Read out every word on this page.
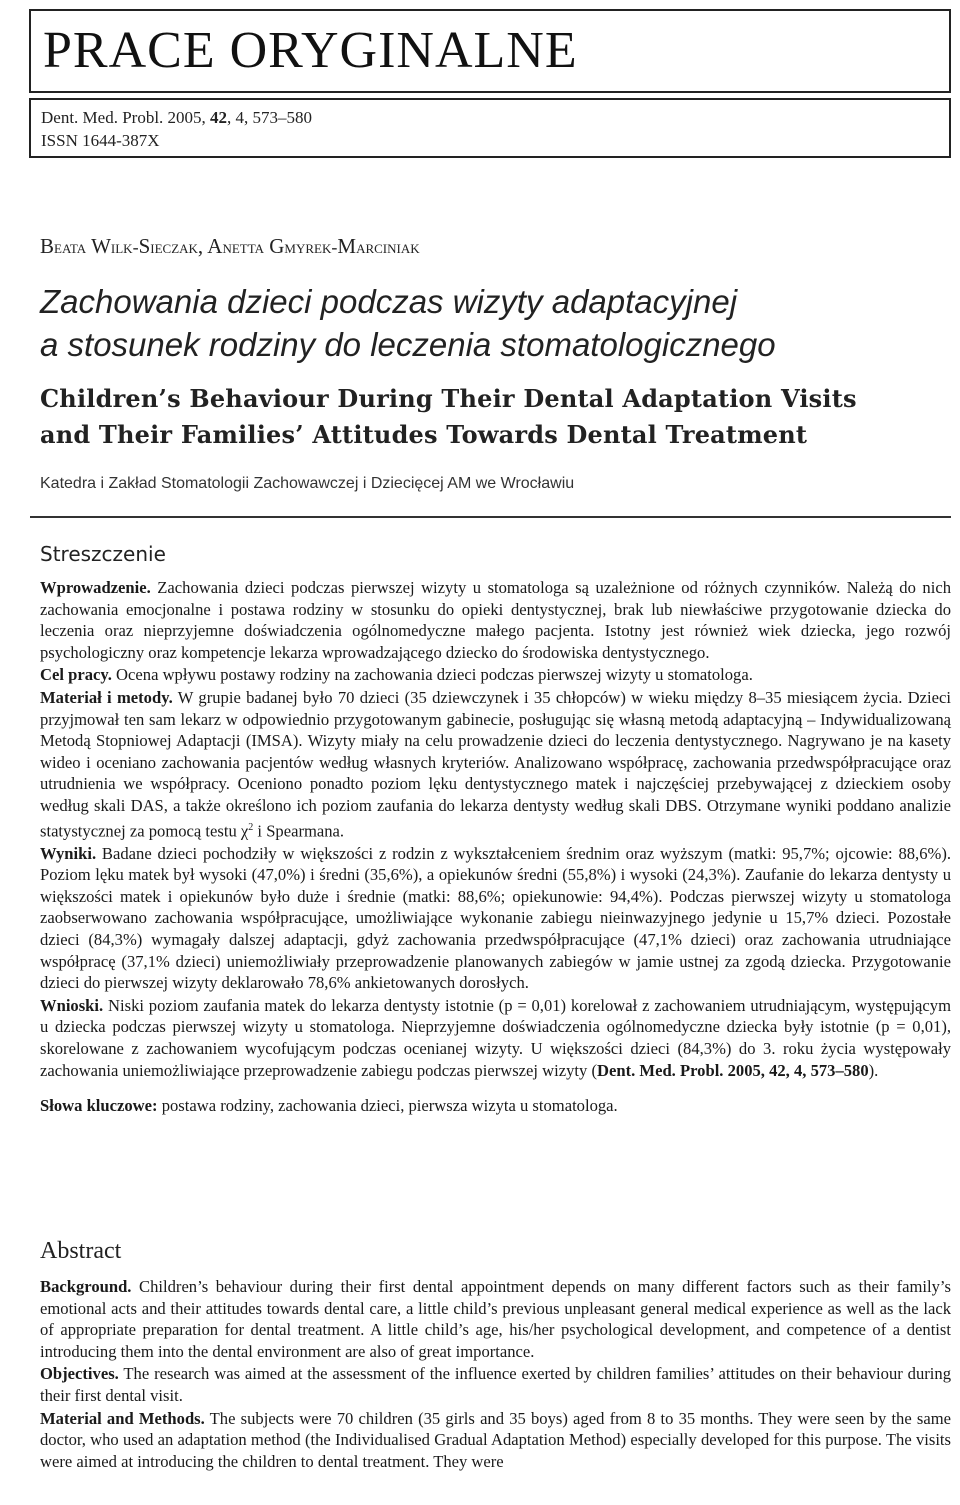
PRACE ORYGINALNE
Dent. Med. Probl. 2005, 42, 4, 573–580
ISSN 1644-387X
Beata Wilk-Sieczak, Anetta Gmyrek-Marciniak
Zachowania dzieci podczas wizyty adaptacyjnej
a stosunek rodziny do leczenia stomatologicznego
Children’s Behaviour During Their Dental Adaptation Visits
and Their Families’ Attitudes Towards Dental Treatment
Katedra i Zakład Stomatologii Zachowawczej i Dziecięcej AM we Wrocławiu
Streszczenie

Wprowadzenie. Zachowania dzieci podczas pierwszej wizyty u stomatologa są uzależnione od różnych czynników. Należą do nich zachowania emocjonalne i postawa rodziny w stosunku do opieki dentystycznej, brak lub niewłaściwe przygotowanie dziecka do leczenia oraz nieprzyjemne doświadczenia ogólnomedyczne małego pacjenta. Istotny jest również wiek dziecka, jego rozwój psychologiczny oraz kompetencje lekarza wprowadzającego dziecko do środowiska dentystycznego.

Cel pracy. Ocena wpływu postawy rodziny na zachowania dzieci podczas pierwszej wizyty u stomatologa.

Materiał i metody. W grupie badanej było 70 dzieci (35 dziewczynek i 35 chłopców) w wieku między 8–35 miesiącem życia. Dzieci przyjmował ten sam lekarz w odpowiednio przygotowanym gabinecie, posługując się własną metodą adaptacyjną – Indywidualizowaną Metodą Stopniowej Adaptacji (IMSA). Wizyty miały na celu prowadzenie dzieci do leczenia dentystycznego. Nagrywano je na kasety wideo i oceniano zachowania pacjentów według własnych kryteriów. Analizowano współpracę, zachowania przedwspółpracujące oraz utrudnienia we współpracy. Oceniono ponadto poziom lęku dentystycznego matek i najczęściej przebywającej z dzieckiem osoby według skali DAS, a także określono ich poziom zaufania do lekarza dentysty według skali DBS. Otrzymane wyniki poddano analizie statystycznej za pomocą testu $\chi^2$ i Spearmana.

Wyniki. Badane dzieci pochodziły w większości z rodzin z wykształceniem średnim oraz wyższym (matki: 95,7%; ojcowie: 88,6%). Poziom lęku matek był wysoki (47,0%) i średni (35,6%), a opiekunów średni (55,8%) i wysoki (24,3%). Zaufanie do lekarza dentysty u większości matek i opiekunów było duże i średnie (matki: 88,6%; opiekunowie: 94,4%). Podczas pierwszej wizyty u stomatologa zaobserwowano zachowania współpracujące, umożliwiające wykonanie zabiegu nieinwazyjnego jedynie u 15,7% dzieci. Pozostałe dzieci (84,3%) wymagały dalszej adaptacji, gdyż zachowania przedwspółpracujące (47,1% dzieci) oraz zachowania utrudniające współpracę (37,1% dzieci) uniemożliwiały przeprowadzenie planowanych zabiegów w jamie ustnej za zgodą dziecka. Przygotowanie dzieci do pierwszej wizyty deklarowało 78,6% ankietowanych dorosłych.

Wnioski. Niski poziom zaufania matek do lekarza dentysty istotnie (p = 0,01) korelował z zachowaniem utrudniającym, występującym u dziecka podczas pierwszej wizyty u stomatologa. Nieprzyjemne doświadczenia ogólnomedyczne dziecka były istotnie (p = 0,01), skorelowane z zachowaniem wycofującym podczas ocenianej wizyty. U większości dzieci (84,3%) do 3. roku życia występowały zachowania uniemożliwiające przeprowadzenie zabiegu podczas pierwszej wizyty (Dent. Med. Probl. 2005, 42, 4, 573–580).

Słowa kluczowe: postawa rodziny, zachowania dzieci, pierwsza wizyta u stomatologa.

Abstract

Background. Children’s behaviour during their first dental appointment depends on many different factors such as their family’s emotional acts and their attitudes towards dental care, a little child’s previous unpleasant general medical experience as well as the lack of appropriate preparation for dental treatment. A little child’s age, his/her psychological development, and competence of a dentist introducing them into the dental environment are also of great importance.

Objectives. The research was aimed at the assessment of the influence exerted by children families’ attitudes on their behaviour during their first dental visit.

Material and Methods. The subjects were 70 children (35 girls and 35 boys) aged from 8 to 35 months. They were seen by the same doctor, who used an adaptation method (the Individualised Gradual Adaptation Method) especially developed for this purpose. The visits were aimed at introducing the children to dental treatment. They were
